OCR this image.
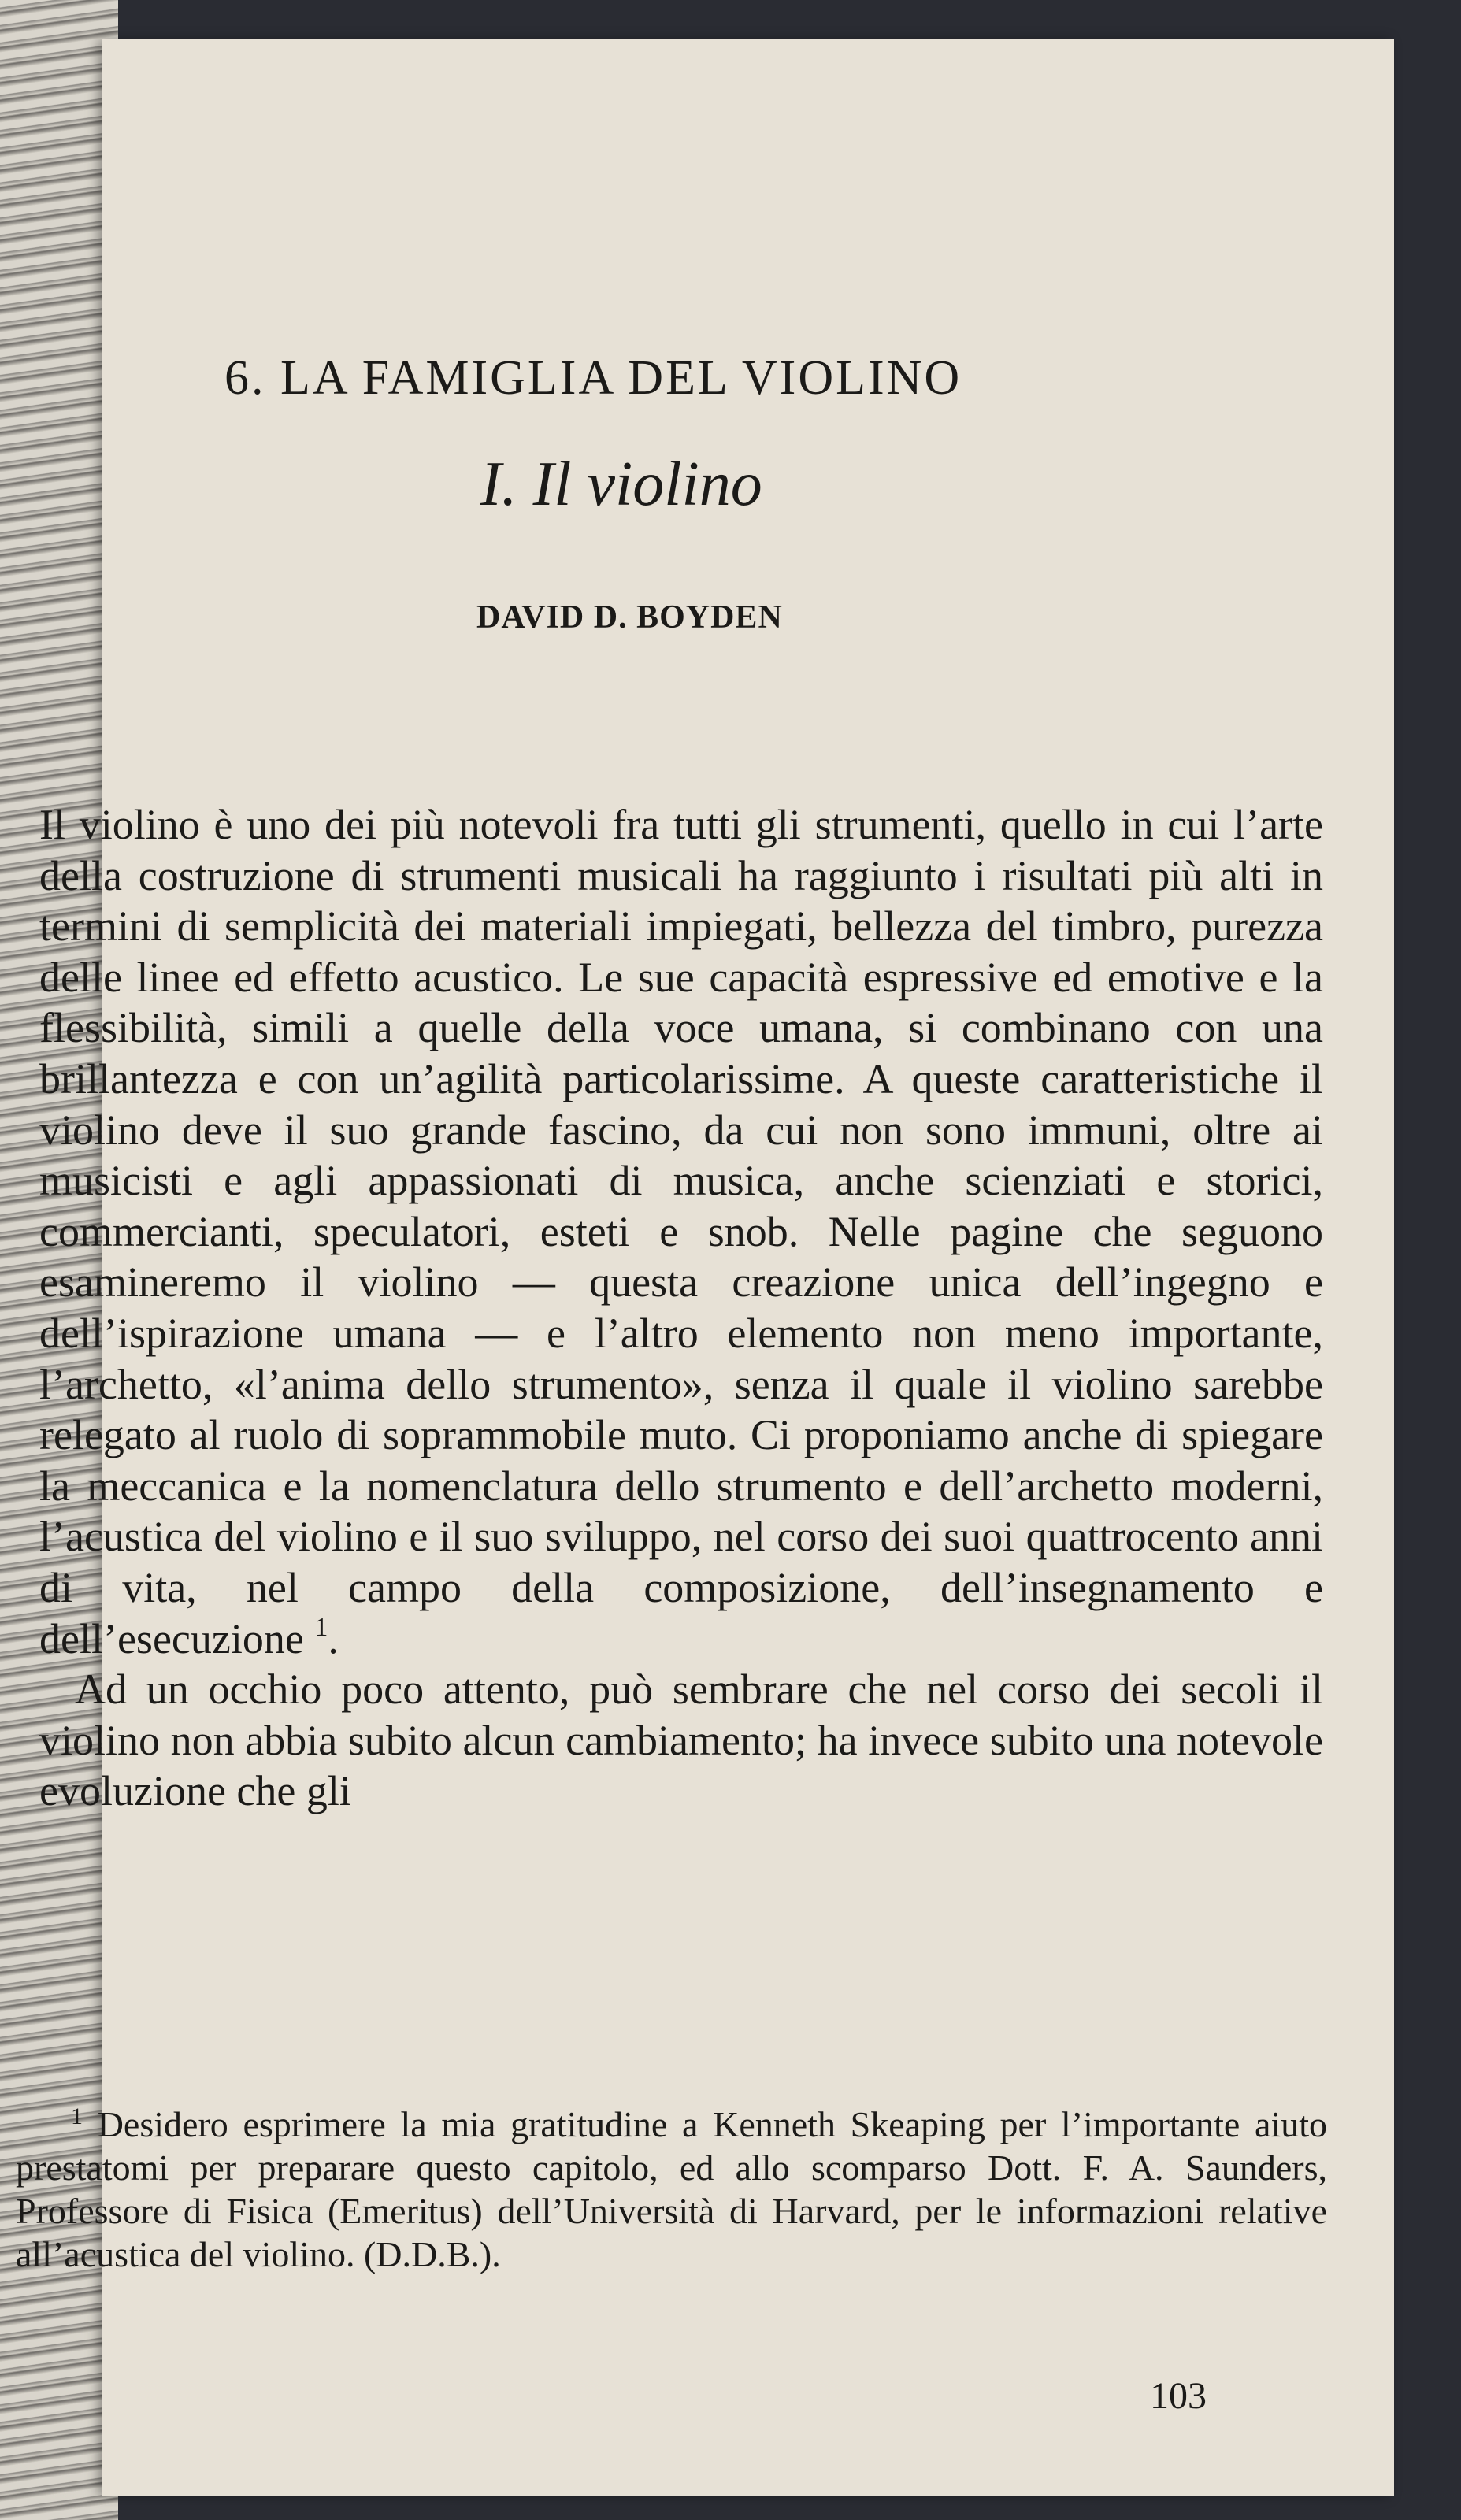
6. LA FAMIGLIA DEL VIOLINO
I. Il violino
DAVID D. BOYDEN

Il violino è uno dei più notevoli fra tutti gli strumenti, quello in cui l’arte della costruzione di strumenti musicali ha raggiunto i risultati più alti in termini di semplicità dei materiali impiegati, bellezza del timbro, purezza delle linee ed effetto acustico. Le sue capacità espressive ed emotive e la flessibilità, simili a quelle della voce umana, si combinano con una brillantezza e con un’agilità particolarissime. A queste caratteristiche il violino deve il suo grande fascino, da cui non sono immuni, oltre ai musicisti e agli appassionati di musica, anche scienziati e storici, commercianti, speculatori, esteti e snob. Nelle pagine che seguono esamineremo il violino — questa creazione unica dell’ingegno e dell’ispirazione umana — e l’altro elemento non meno importante, l’archetto, «l’anima dello strumento», senza il quale il violino sarebbe relegato al ruolo di soprammobile muto. Ci proponiamo anche di spiegare la meccanica e la nomenclatura dello strumento e dell’archetto moderni, l’acustica del violino e il suo sviluppo, nel corso dei suoi quattrocento anni di vita, nel campo della composizione, dell’insegnamento e dell’esecuzione $^1$.

Ad un occhio poco attento, può sembrare che nel corso dei secoli il violino non abbia subito alcun cambiamento; ha invece subito una notevole evoluzione che gli

$^1$ Desidero esprimere la mia gratitudine a Kenneth Skeaping per l’importante aiuto prestatomi per preparare questo capitolo, ed allo scomparso Dott. F. A. Saunders, Professore di Fisica (Emeritus) dell’Università di Harvard, per le informazioni relative all’acustica del violino. (D.D.B.).

103
